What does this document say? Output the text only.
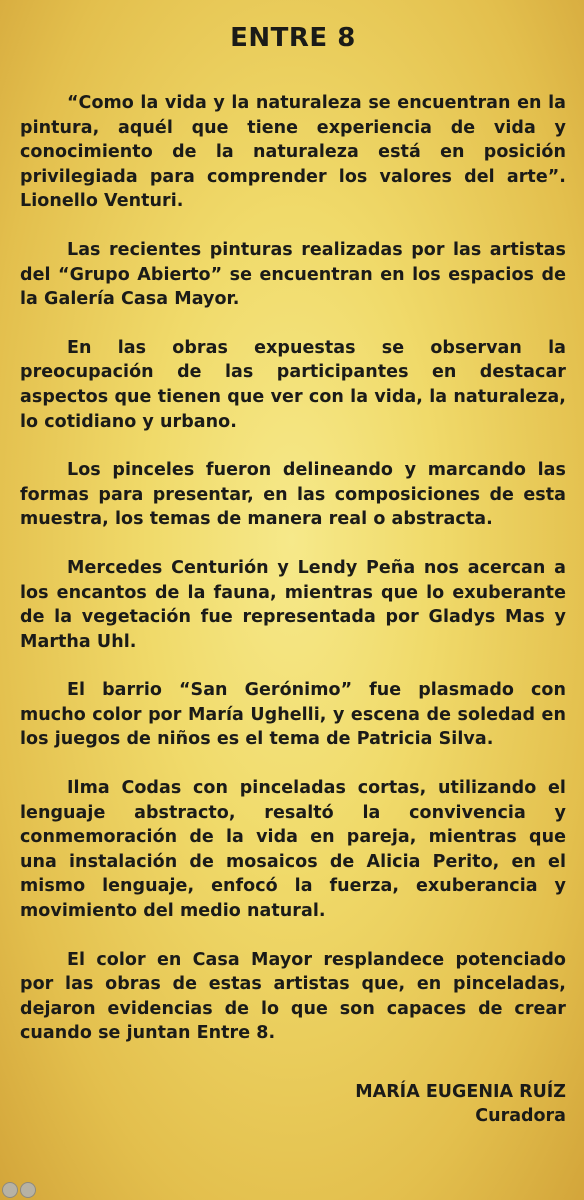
ENTRE 8

“Como la vida y la naturaleza se encuentran en la pintura, aquél que tiene experiencia de vida y conocimiento de la naturaleza está en posición privilegiada para comprender los valores del arte”. Lionello Venturi.

Las recientes pinturas realizadas por las artistas del “Grupo Abierto” se encuentran en los espacios de la Galería Casa Mayor.

En las obras expuestas se observan la preocupación de las participantes en destacar aspectos que tienen que ver con la vida, la naturaleza, lo cotidiano y urbano.

Los pinceles fueron delineando y marcando las formas para presentar, en las composiciones de esta muestra, los temas de manera real o abstracta.

Mercedes Centurión y Lendy Peña nos acercan a los encantos de la fauna, mientras que lo exuberante de la vegetación fue representada por Gladys Mas y Martha Uhl.

El barrio “San Gerónimo” fue plasmado con mucho color por María Ughelli, y escena de soledad en los juegos de niños es el tema de Patricia Silva.

Ilma Codas con pinceladas cortas, utilizando el lenguaje abstracto, resaltó la convivencia y conmemoración de la vida en pareja, mientras que una instalación de mosaicos de Alicia Perito, en el mismo lenguaje, enfocó la fuerza, exuberancia y movimiento del medio natural.

El color en Casa Mayor resplandece potenciado por las obras de estas artistas que, en pinceladas, dejaron evidencias de lo que son capaces de crear cuando se juntan Entre 8.

MARÍA EUGENIA RUÍZ
Curadora
